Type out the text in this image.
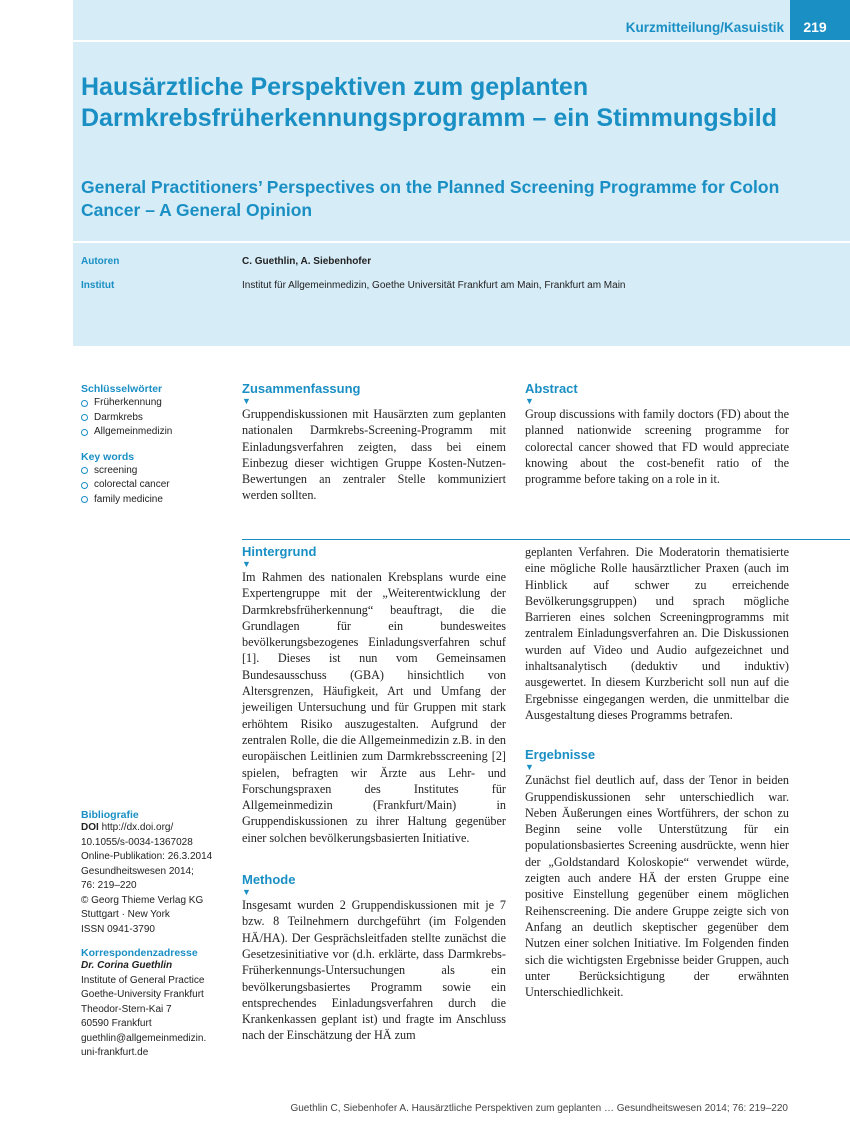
Kurzmitteilung/Kasuistik	219
Hausärztliche Perspektiven zum geplanten Darmkrebsfrüherkennungsprogramm – ein Stimmungsbild
General Practitioners’ Perspectives on the Planned Screening Programme for Colon Cancer – A General Opinion
Autoren	C. Guethlin, A. Siebenhofer
Institut	Institut für Allgemeinmedizin, Goethe Universität Frankfurt am Main, Frankfurt am Main
Schlüsselwörter
Früherkennung
Darmkrebs
Allgemeinmedizin
Key words
screening
colorectal cancer
family medicine
Bibliografie
DOI http://dx.doi.org/
10.1055/s-0034-1367028
Online-Publikation: 26.3.2014
Gesundheitswesen 2014;
76: 219–220
© Georg Thieme Verlag KG
Stuttgart · New York
ISSN 0941-3790
Korrespondenzadresse
Dr. Corina Guethlin
Institute of General Practice
Goethe-University Frankfurt
Theodor-Stern-Kai 7
60590 Frankfurt
guethlin@allgemeinmedizin.
uni-frankfurt.de
Zusammenfassung
▼
Gruppendiskussionen mit Hausärzten zum geplanten nationalen Darmkrebs-Screening-Programm mit Einladungsverfahren zeigten, dass bei einem Einbezug dieser wichtigen Gruppe Kosten-Nutzen-Bewertungen an zentraler Stelle kommuniziert werden sollten.
Abstract
▼
Group discussions with family doctors (FD) about the planned nationwide screening programme for colorectal cancer showed that FD would appreciate knowing about the cost-benefit ratio of the programme before taking on a role in it.
Hintergrund
▼
Im Rahmen des nationalen Krebsplans wurde eine Expertengruppe mit der „Weiterentwicklung der Darmkrebsfrüherkennung“ beauftragt, die die Grundlagen für ein bundesweites bevölkerungsbezogenes Einladungsverfahren schuf [1]. Dieses ist nun vom Gemeinsamen Bundesausschuss (GBA) hinsichtlich von Altersgrenzen, Häufigkeit, Art und Umfang der jeweiligen Untersuchung und für Gruppen mit stark erhöhtem Risiko auszugestalten. Aufgrund der zentralen Rolle, die die Allgemeinmedizin z.B. in den europäischen Leitlinien zum Darmkrebsscreening [2] spielen, befragten wir Ärzte aus Lehr- und Forschungspraxen des Institutes für Allgemeinmedizin (Frankfurt/Main) in Gruppendiskussionen zu ihrer Haltung gegenüber einer solchen bevölkerungsbasierten Initiative.
Methode
▼
Insgesamt wurden 2 Gruppendiskussionen mit je 7 bzw. 8 Teilnehmern durchgeführt (im Folgenden HÄ/HA). Der Gesprächsleitfaden stellte zunächst die Gesetzesinitiative vor (d.h. erklärte, dass Darmkrebs-Früherkennungs-Untersuchungen als ein bevölkerungsbasiertes Programm sowie ein entsprechendes Einladungsverfahren durch die Krankenkassen geplant ist) und fragte im Anschluss nach der Einschätzung der HÄ zum
geplanten Verfahren. Die Moderatorin thematisierte eine mögliche Rolle hausärztlicher Praxen (auch im Hinblick auf schwer zu erreichende Bevölkerungsgruppen) und sprach mögliche Barrieren eines solchen Screeningprogramms mit zentralem Einladungsverfahren an. Die Diskussionen wurden auf Video und Audio aufgezeichnet und inhaltsanalytisch (deduktiv und induktiv) ausgewertet. In diesem Kurzbericht soll nun auf die Ergebnisse eingegangen werden, die unmittelbar die Ausgestaltung dieses Programms betrafen.
Ergebnisse
▼
Zunächst fiel deutlich auf, dass der Tenor in beiden Gruppendiskussionen sehr unterschiedlich war. Neben Äußerungen eines Wortführers, der schon zu Beginn seine volle Unterstützung für ein populationsbasiertes Screening ausdrückte, wenn hier der „Goldstandard Koloskopie“ verwendet würde, zeigten auch andere HÄ der ersten Gruppe eine positive Einstellung gegenüber einem möglichen Reihenscreening. Die andere Gruppe zeigte sich von Anfang an deutlich skeptischer gegenüber dem Nutzen einer solchen Initiative. Im Folgenden finden sich die wichtigsten Ergebnisse beider Gruppen, auch unter Berücksichtigung der erwähnten Unterschiedlichkeit.
Guethlin C, Siebenhofer A. Hausärztliche Perspektiven zum geplanten … Gesundheitswesen 2014; 76: 219–220
